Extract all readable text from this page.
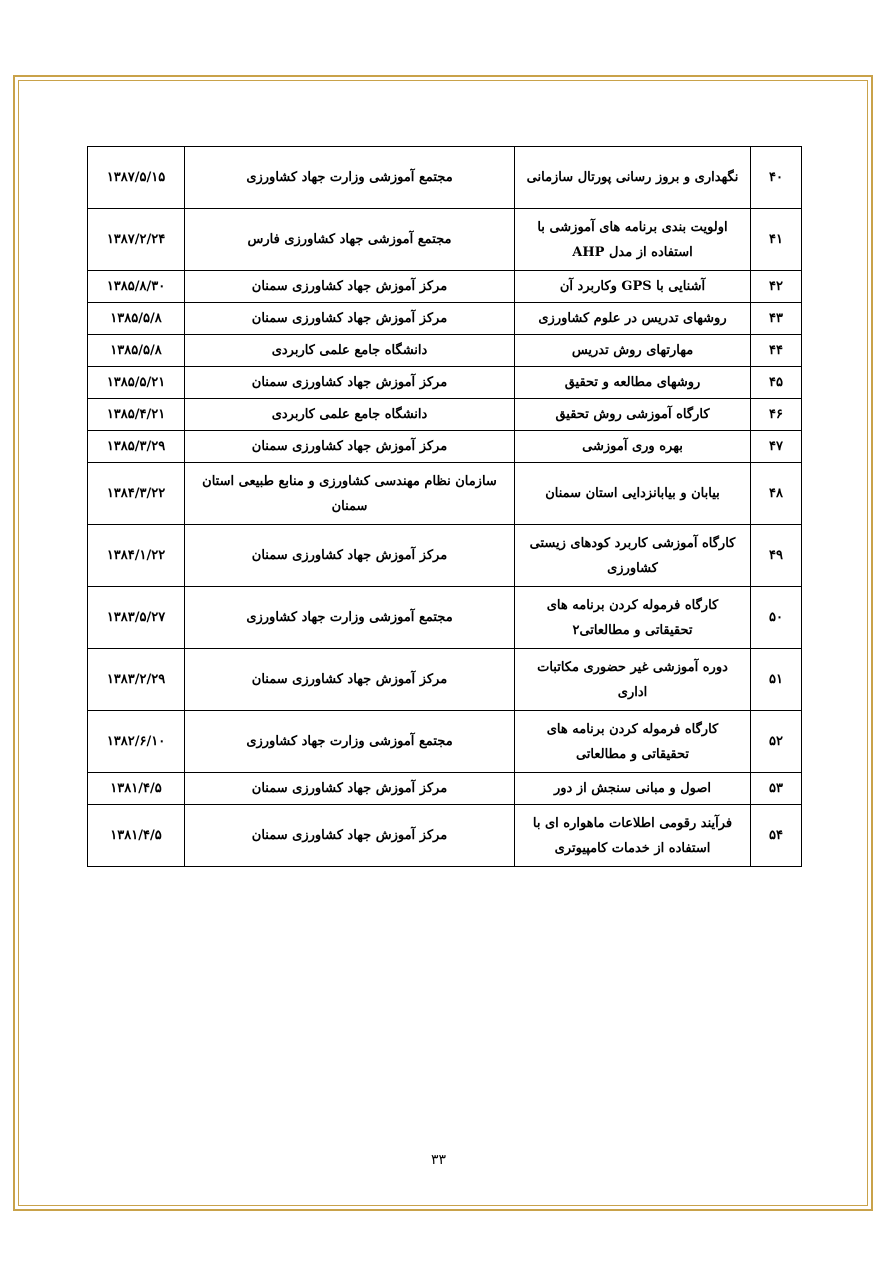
۴۰	نگهداری و بروز رسانی پورتال سازمانی	مجتمع آموزشی وزارت جهاد کشاورزی	۱۳۸۷/۵/۱۵
۴۱	اولویت بندی برنامه های آموزشی با استفاده از مدل AHP	مجتمع آموزشی جهاد کشاورزی فارس	۱۳۸۷/۲/۲۴
۴۲	آشنایی با GPS وکاربرد آن	مرکز آموزش جهاد کشاورزی سمنان	۱۳۸۵/۸/۳۰
۴۳	روشهای تدریس در علوم کشاورزی	مرکز آموزش جهاد کشاورزی سمنان	۱۳۸۵/۵/۸
۴۴	مهارتهای روش تدریس	دانشگاه جامع علمی کاربردی	۱۳۸۵/۵/۸
۴۵	روشهای مطالعه و تحقیق	مرکز آموزش جهاد کشاورزی سمنان	۱۳۸۵/۵/۲۱
۴۶	کارگاه آموزشی روش تحقیق	دانشگاه جامع علمی کاربردی	۱۳۸۵/۴/۲۱
۴۷	بهره وری آموزشی	مرکز آموزش جهاد کشاورزی سمنان	۱۳۸۵/۳/۲۹
۴۸	بیابان و بیابانزدایی استان سمنان	سازمان نظام مهندسی کشاورزی و منابع طبیعی استان سمنان	۱۳۸۴/۳/۲۲
۴۹	کارگاه آموزشی کاربرد کودهای زیستی کشاورزی	مرکز آموزش جهاد کشاورزی سمنان	۱۳۸۴/۱/۲۲
۵۰	کارگاه فرموله کردن برنامه های تحقیقاتی و مطالعاتی۲	مجتمع آموزشی وزارت جهاد کشاورزی	۱۳۸۳/۵/۲۷
۵۱	دوره آموزشی غیر حضوری مکاتبات اداری	مرکز آموزش جهاد کشاورزی سمنان	۱۳۸۳/۲/۲۹
۵۲	کارگاه فرموله کردن برنامه های تحقیقاتی و مطالعاتی	مجتمع آموزشی وزارت جهاد کشاورزی	۱۳۸۲/۶/۱۰
۵۳	اصول و مبانی سنجش از دور	مرکز آموزش جهاد کشاورزی سمنان	۱۳۸۱/۴/۵
۵۴	فرآیند رقومی اطلاعات ماهواره ای با استفاده از خدمات کامپیوتری	مرکز آموزش جهاد کشاورزی سمنان	۱۳۸۱/۴/۵
۳۳
